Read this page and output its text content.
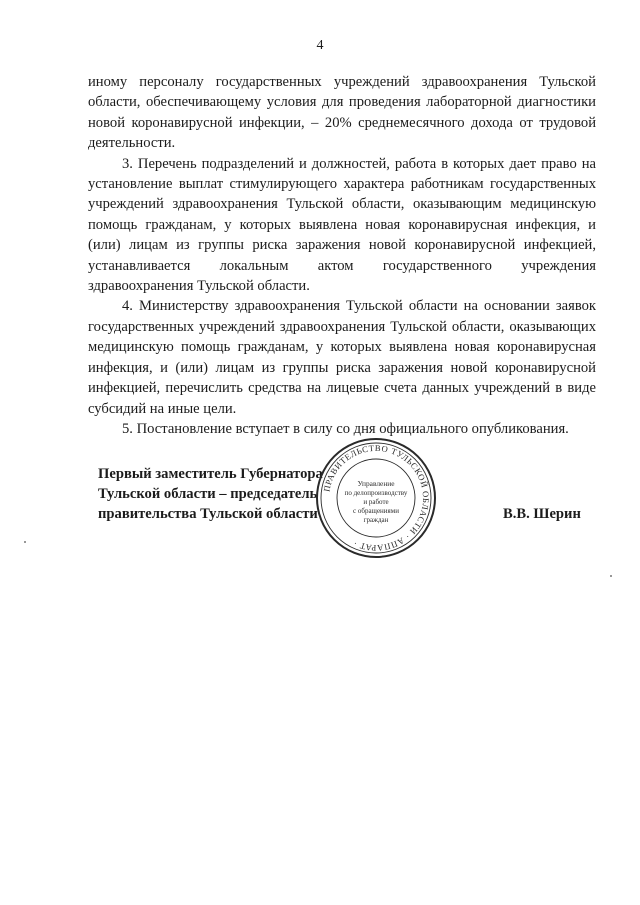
4

иному персоналу государственных учреждений здравоохранения Тульской области, обеспечивающему условия для проведения лабораторной диагностики новой коронавирусной инфекции, – 20% среднемесячного дохода от трудовой деятельности.

3. Перечень подразделений и должностей, работа в которых дает право на установление выплат стимулирующего характера работникам государственных учреждений здравоохранения Тульской области, оказывающим медицинскую помощь гражданам, у которых выявлена новая коронавирусная инфекция, и (или) лицам из группы риска заражения новой коронавирусной инфекцией, устанавливается локальным актом государственного учреждения здравоохранения Тульской области.

4. Министерству здравоохранения Тульской области на основании заявок государственных учреждений здравоохранения Тульской области, оказывающих медицинскую помощь гражданам, у которых выявлена новая коронавирусная инфекция, и (или) лицам из группы риска заражения новой коронавирусной инфекцией, перечислить средства на лицевые счета данных учреждений в виде субсидий на иные цели.

5. Постановление вступает в силу со дня официального опубликования.

Первый заместитель Губернатора
Тульской области – председатель
правительства Тульской области	В.В. Шерин
ПРАВИТЕЛЬСТВО ТУЛЬСКОЙ ОБЛАСТИ · АППАРАТ ·
Управление
по делопроизводству
и работе
с обращениями
граждан
